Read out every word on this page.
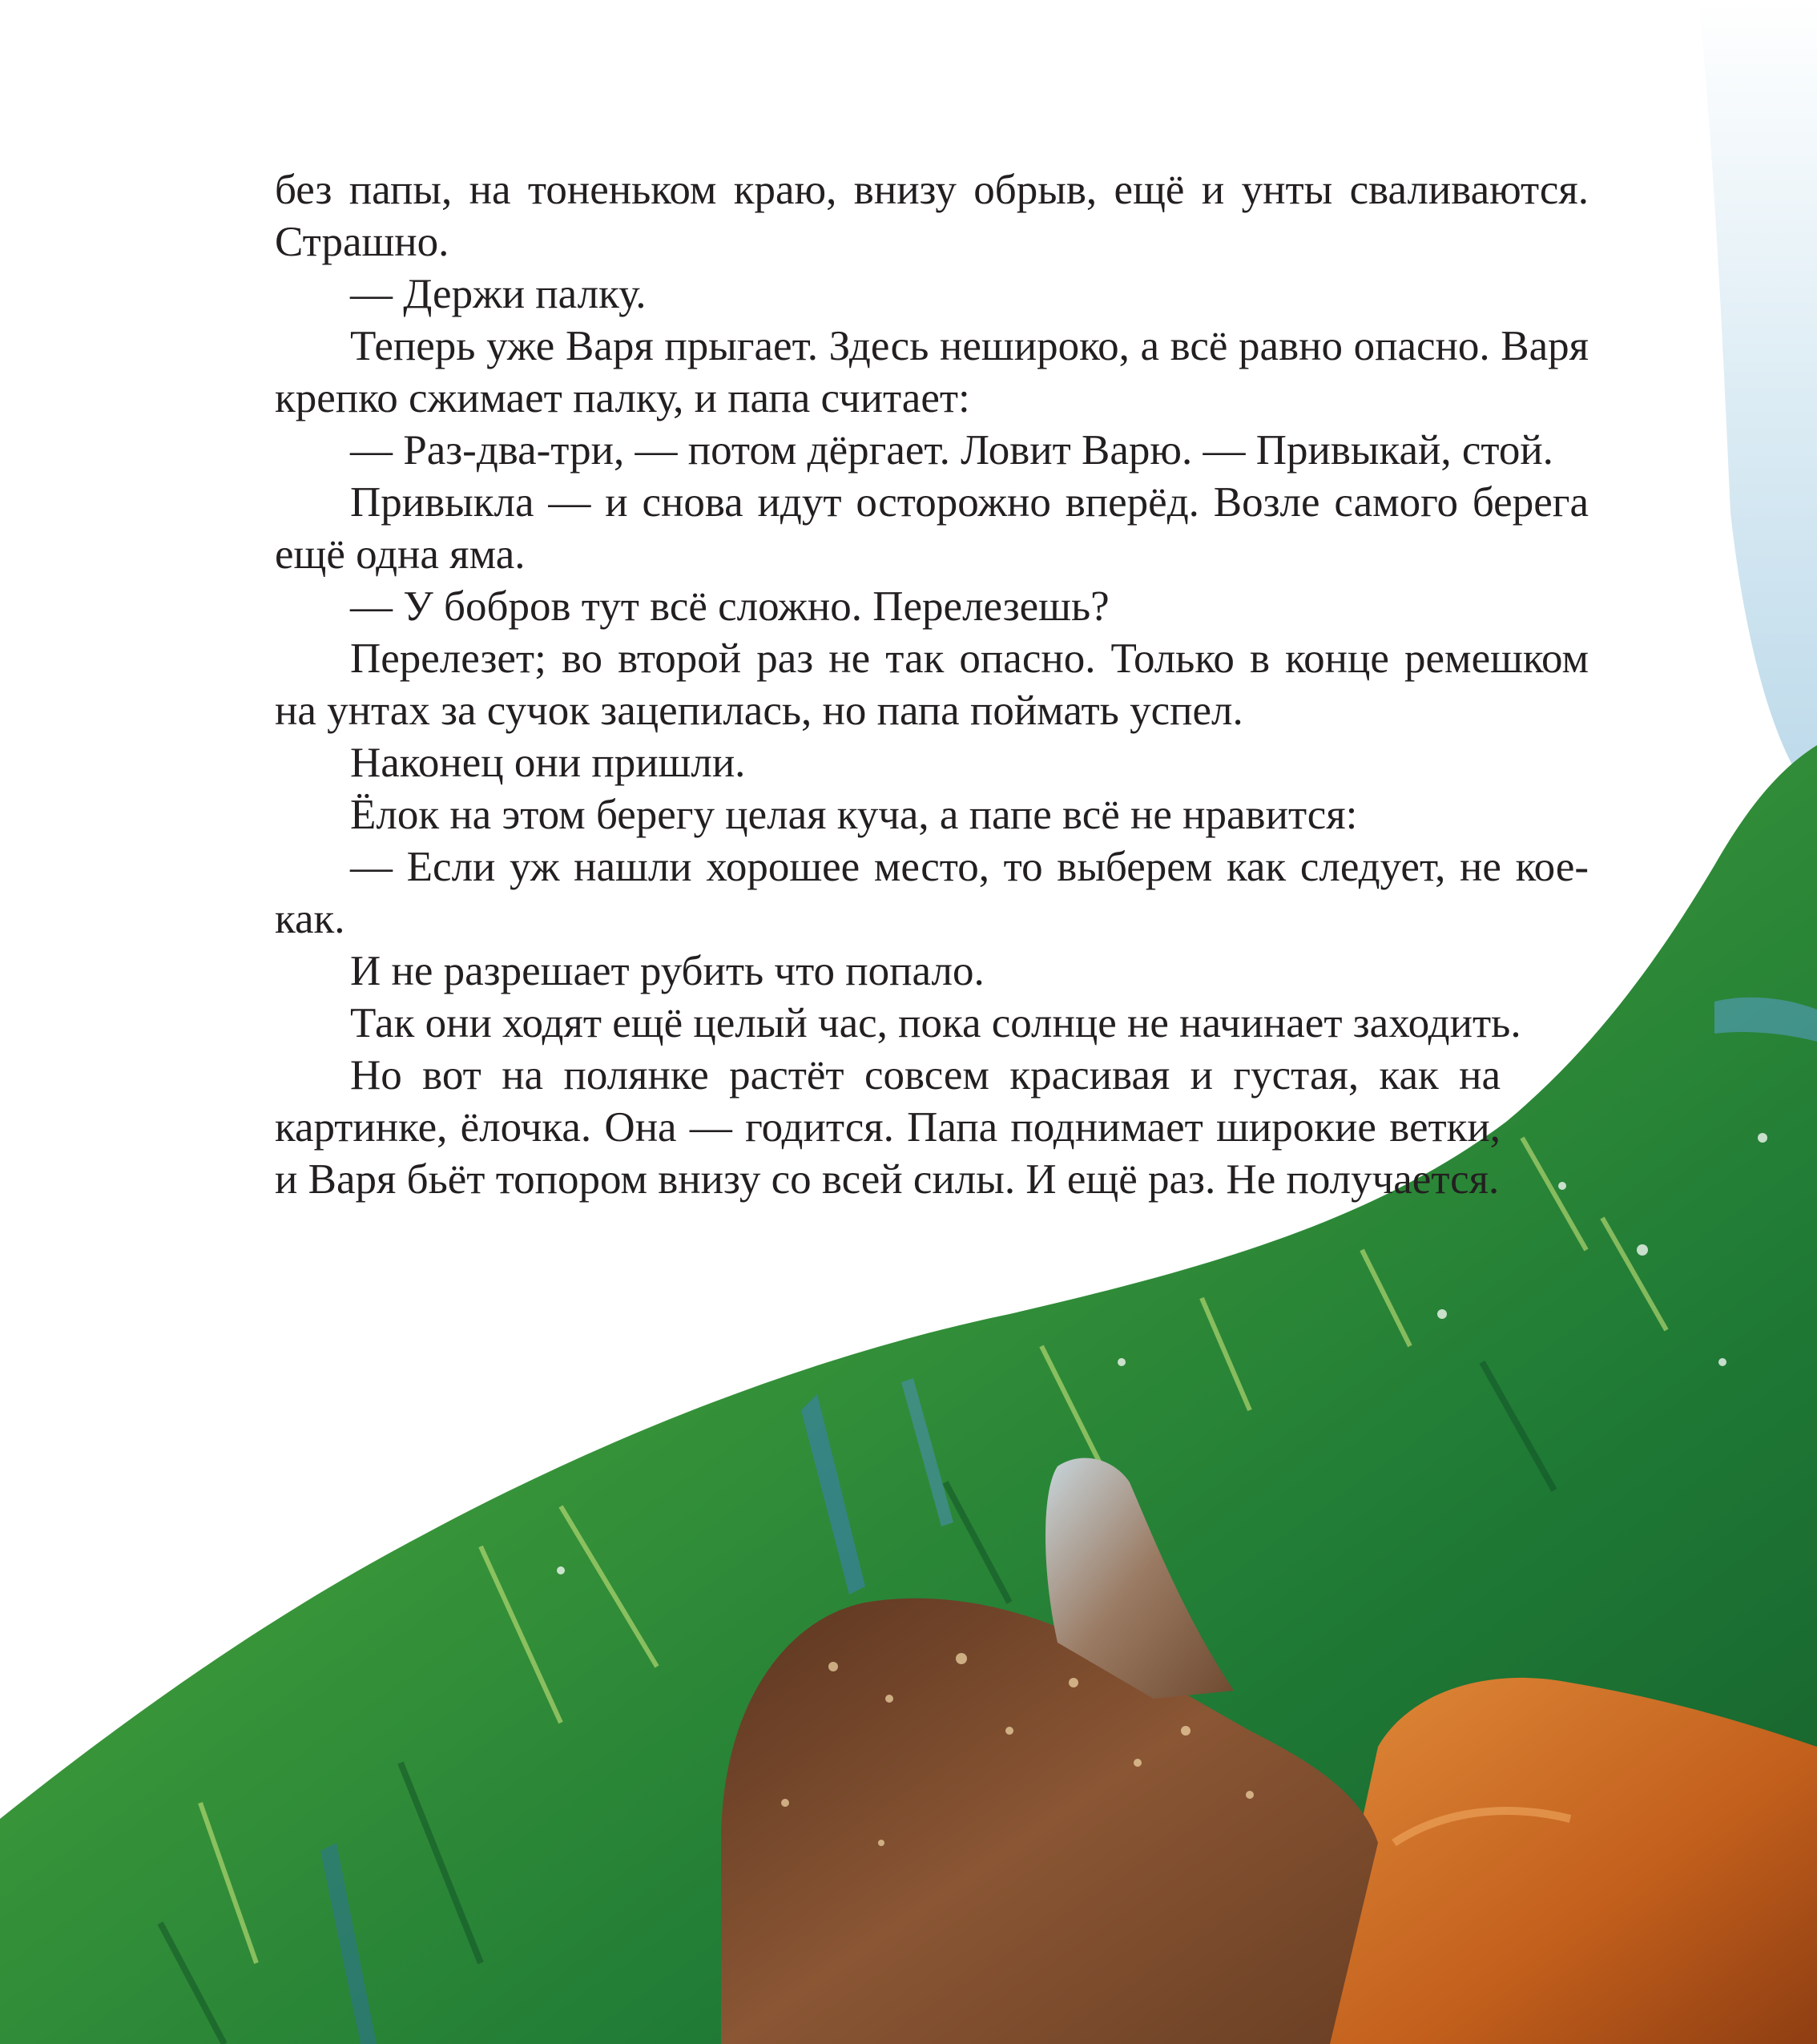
без папы, на тоненьком краю, внизу обрыв, ещё и унты сваливаются. Страшно.

— Держи палку.

Теперь уже Варя прыгает. Здесь нешироко, а всё равно опасно. Варя крепко сжимает палку, и папа считает:

— Раз-два-три, — потом дёргает. Ловит Варю. — Привыкай, стой.

Привыкла — и снова идут осторожно вперёд. Возле самого берега ещё одна яма.

— У бобров тут всё сложно. Перелезешь?

Перелезет; во второй раз не так опасно. Только в конце ремешком на унтах за сучок зацепилась, но папа поймать успел.

Наконец они пришли.

Ёлок на этом берегу целая куча, а папе всё не нравится:

— Если уж нашли хорошее место, то выберем как следует, не кое-как.

И не разрешает рубить что попало.

Так они ходят ещё целый час, пока солнце не начинает заходить.

Но вот на полянке растёт совсем красивая и густая, как на картинке, ёлочка. Она — годится. Папа поднимает широкие ветки, и Варя бьёт топором внизу со всей силы. И ещё раз. Не получается.
